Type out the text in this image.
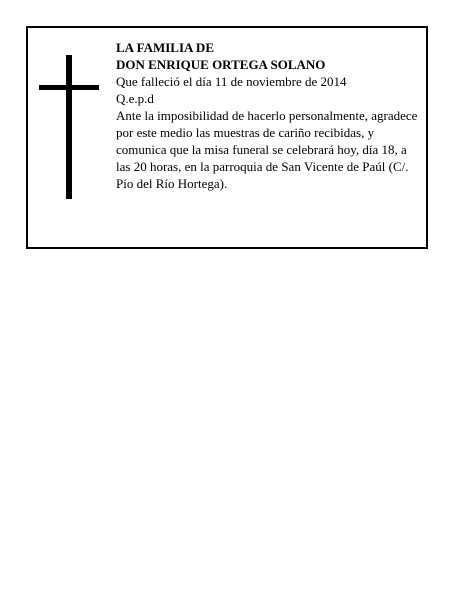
LA FAMILIA DE
DON ENRIQUE ORTEGA SOLANO
Que falleció el día 11 de noviembre de 2014
Q.e.p.d
Ante la imposibilidad de hacerlo personalmente, agradece por este medio las muestras de cariño recibidas, y comunica que la misa funeral se celebrará hoy, día 18, a las 20 horas, en la parroquia de San Vicente de Paúl (C/. Pío del Río Hortega).
